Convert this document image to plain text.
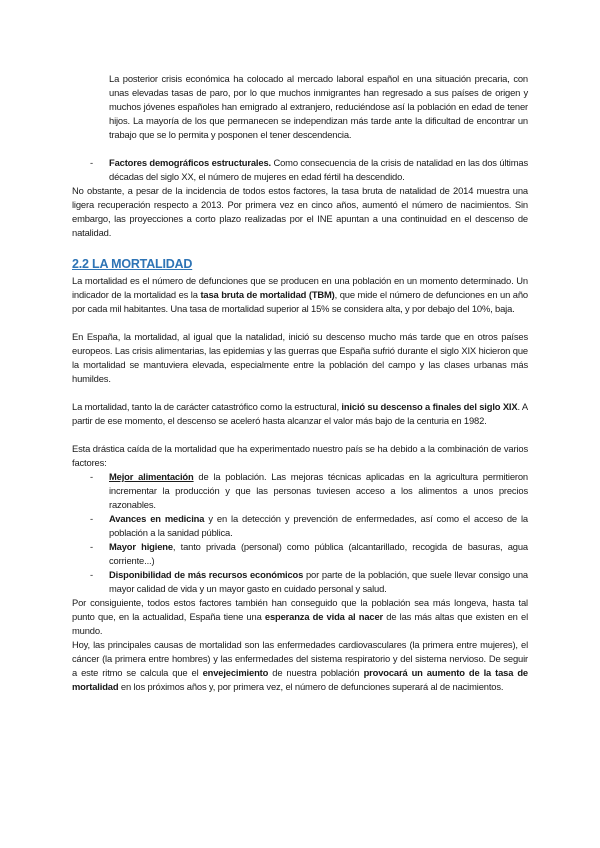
La posterior crisis económica ha colocado al mercado laboral español en una situación precaria, con unas elevadas tasas de paro, por lo que muchos inmigrantes han regresado a sus países de origen y muchos jóvenes españoles han emigrado al extranjero, reduciéndose así la población en edad de tener hijos. La mayoría de los que permanecen se independizan más tarde ante la dificultad de encontrar un trabajo que se lo permita y posponen el tener descendencia.

- Factores demográficos estructurales. Como consecuencia de la crisis de natalidad en las dos últimas décadas del siglo XX, el número de mujeres en edad fértil ha descendido.

No obstante, a pesar de la incidencia de todos estos factores, la tasa bruta de natalidad de 2014 muestra una ligera recuperación respecto a 2013. Por primera vez en cinco años, aumentó el número de nacimientos. Sin embargo, las proyecciones a corto plazo realizadas por el INE apuntan a una continuidad en el descenso de natalidad.

2.2 LA MORTALIDAD

La mortalidad es el número de defunciones que se producen en una población en un momento determinado. Un indicador de la mortalidad es la tasa bruta de mortalidad (TBM), que mide el número de defunciones en un año por cada mil habitantes. Una tasa de mortalidad superior al 15% se considera alta, y por debajo del 10%, baja.

En España, la mortalidad, al igual que la natalidad, inició su descenso mucho más tarde que en otros países europeos. Las crisis alimentarias, las epidemias y las guerras que España sufrió durante el siglo XIX hicieron que la mortalidad se mantuviera elevada, especialmente entre la población del campo y las clases urbanas más humildes.

La mortalidad, tanto la de carácter catastrófico como la estructural, inició su descenso a finales del siglo XIX. A partir de ese momento, el descenso se aceleró hasta alcanzar el valor más bajo de la centuria en 1982.

Esta drástica caída de la mortalidad que ha experimentado nuestro país se ha debido a la combinación de varios factores:

- Mejor alimentación de la población. Las mejoras técnicas aplicadas en la agricultura permitieron incrementar la producción y que las personas tuviesen acceso a los alimentos a unos precios razonables.
- Avances en medicina y en la detección y prevención de enfermedades, así como el acceso de la población a la sanidad pública.
- Mayor higiene, tanto privada (personal) como pública (alcantarillado, recogida de basuras, agua corriente...)
- Disponibilidad de más recursos económicos por parte de la población, que suele llevar consigo una mayor calidad de vida y un mayor gasto en cuidado personal y salud.

Por consiguiente, todos estos factores también han conseguido que la población sea más longeva, hasta tal punto que, en la actualidad, España tiene una esperanza de vida al nacer de las más altas que existen en el mundo.

Hoy, las principales causas de mortalidad son las enfermedades cardiovasculares (la primera entre mujeres), el cáncer (la primera entre hombres) y las enfermedades del sistema respiratorio y del sistema nervioso. De seguir a este ritmo se calcula que el envejecimiento de nuestra población provocará un aumento de la tasa de mortalidad en los próximos años y, por primera vez, el número de defunciones superará al de nacimientos.
